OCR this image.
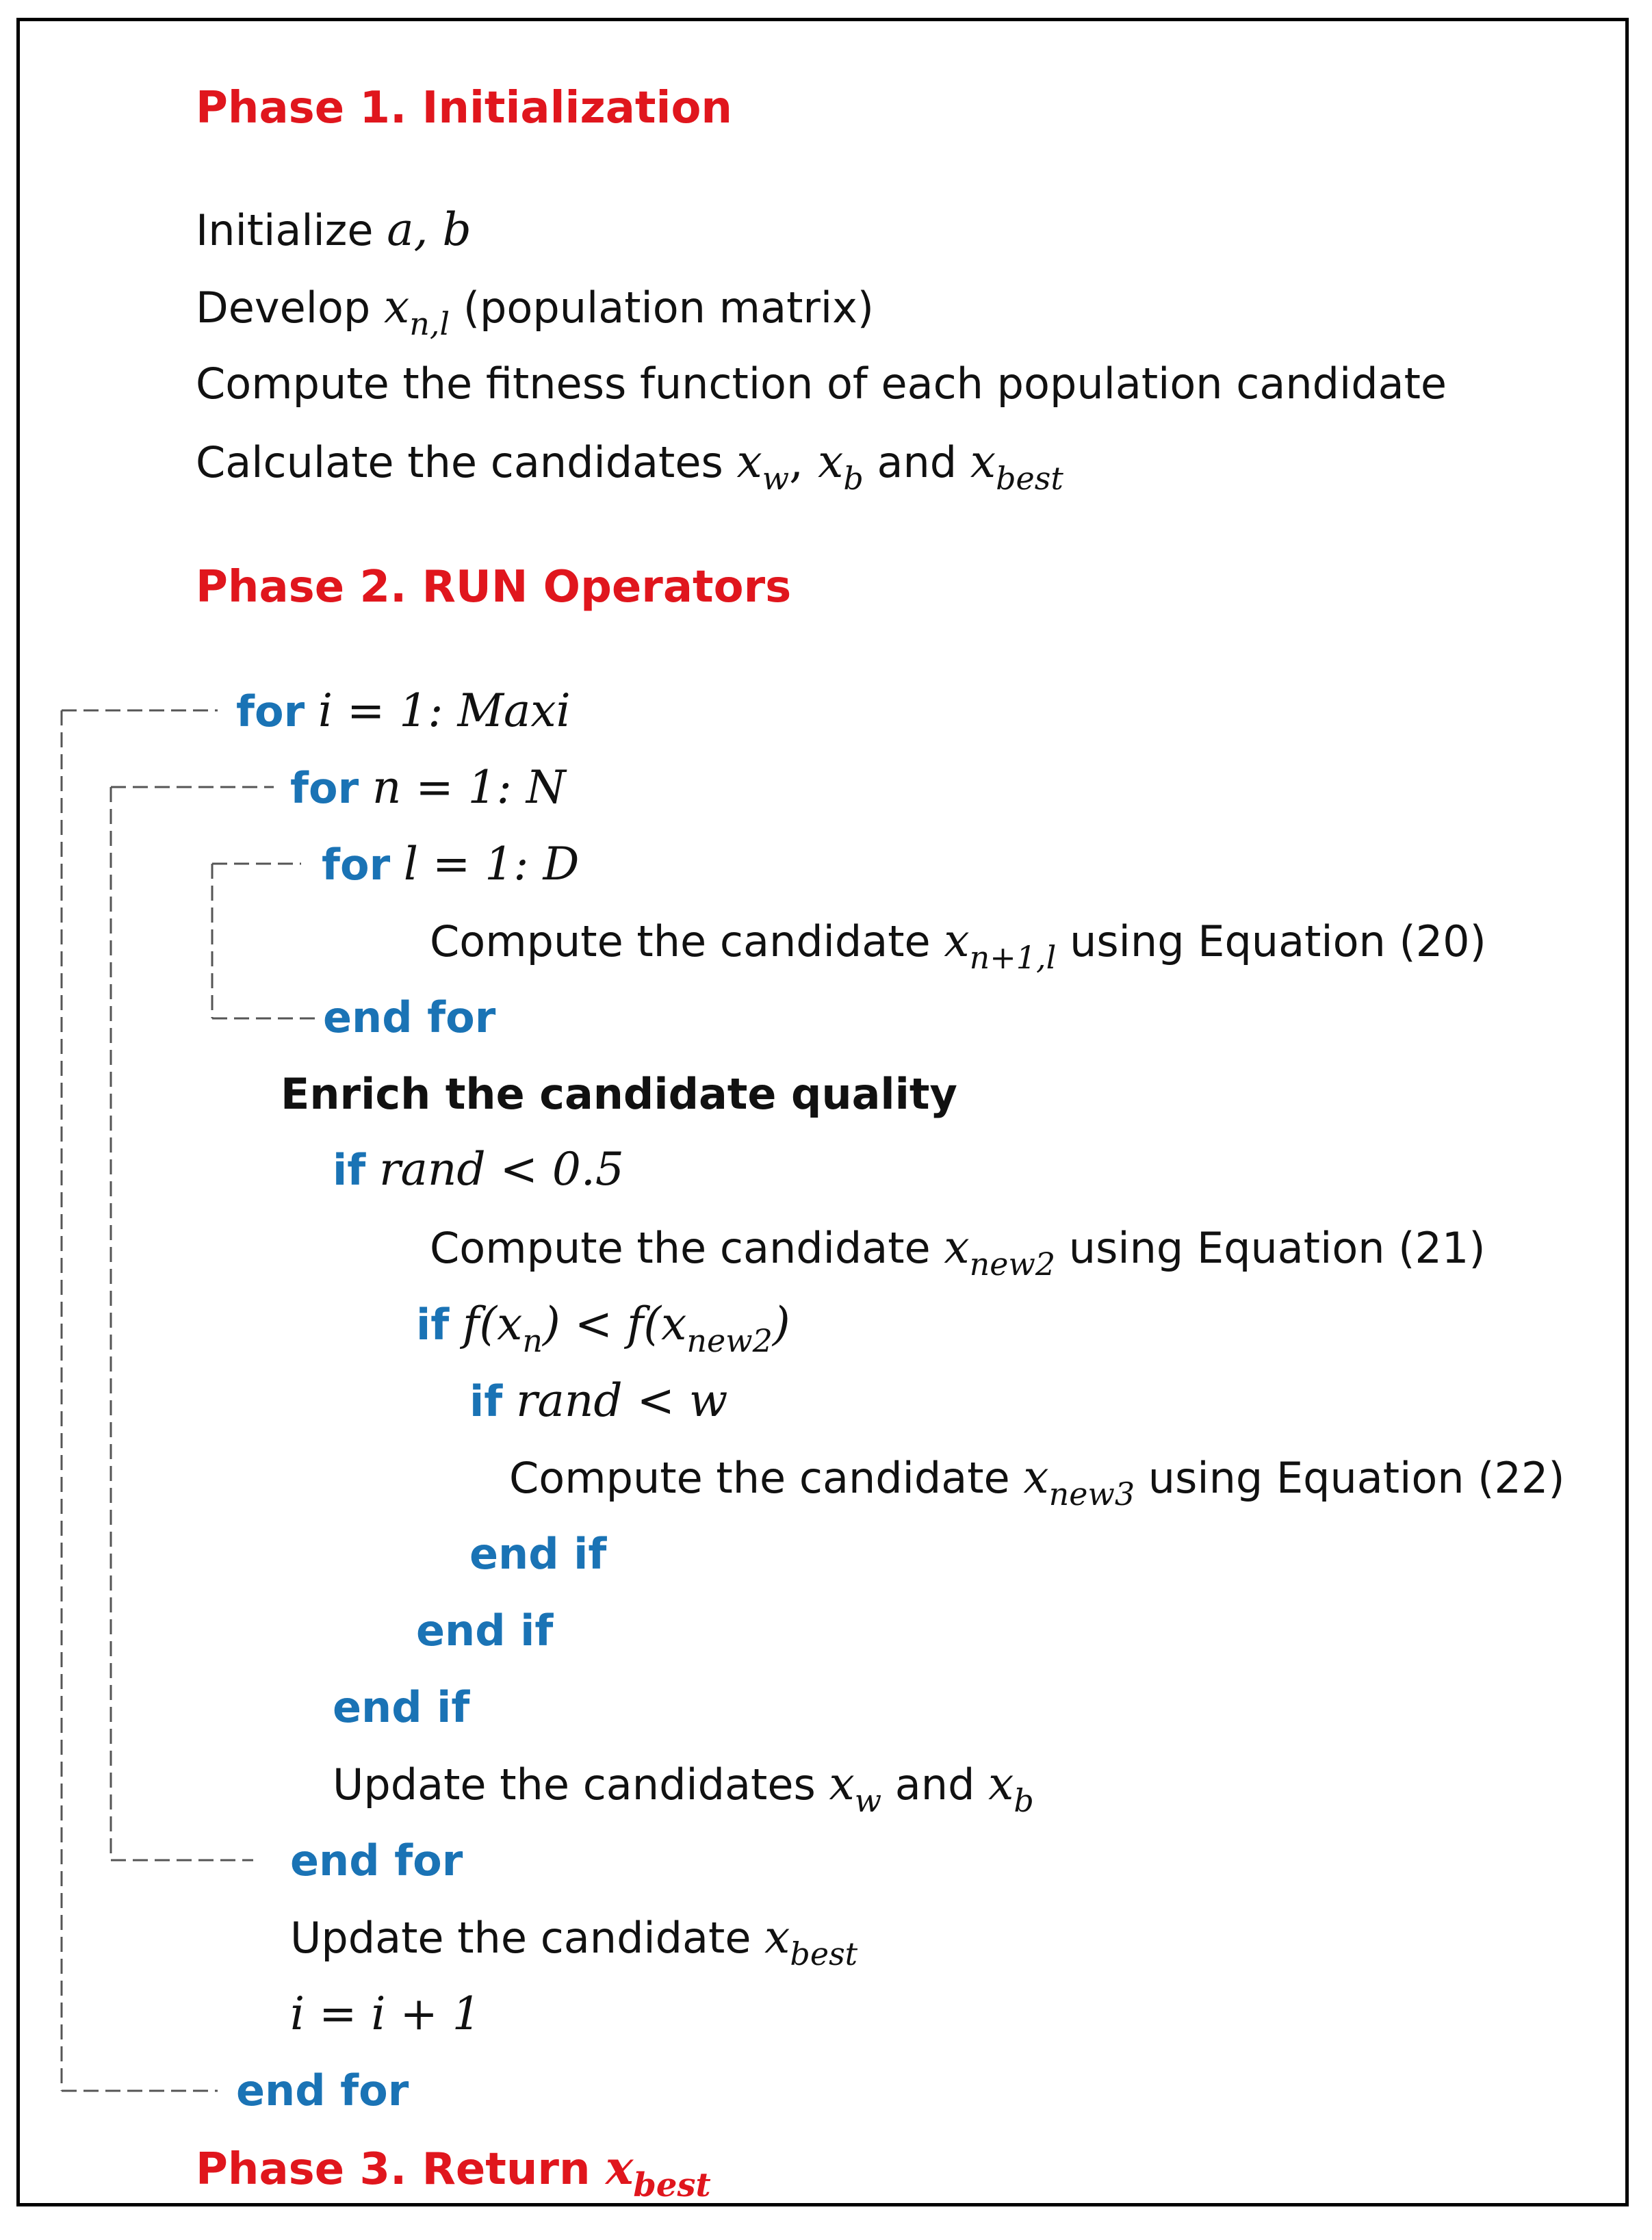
Phase 1. Initialization
Initialize a, b
Develop $x_{n,l}$ (population matrix)
Compute the fitness function of each population candidate
Calculate the candidates $x_w$, $x_b$ and $x_{best}$
Phase 2. RUN Operators
for i = 1: Maxi
for n = 1: N
for l = 1: D
Compute the candidate $x_{n+1,l}$ using Equation (20)
end for
Enrich the candidate quality
if rand < 0.5
Compute the candidate $x_{new2}$ using Equation (21)
if $f(x_n) < f(x_{new2})$
if rand < w
Compute the candidate $x_{new3}$ using Equation (22)
end if
end if
end if
Update the candidates $x_w$ and $x_b$
end for
Update the candidate $x_{best}$
i = i + 1
end for
Phase 3. Return $x_{best}$
